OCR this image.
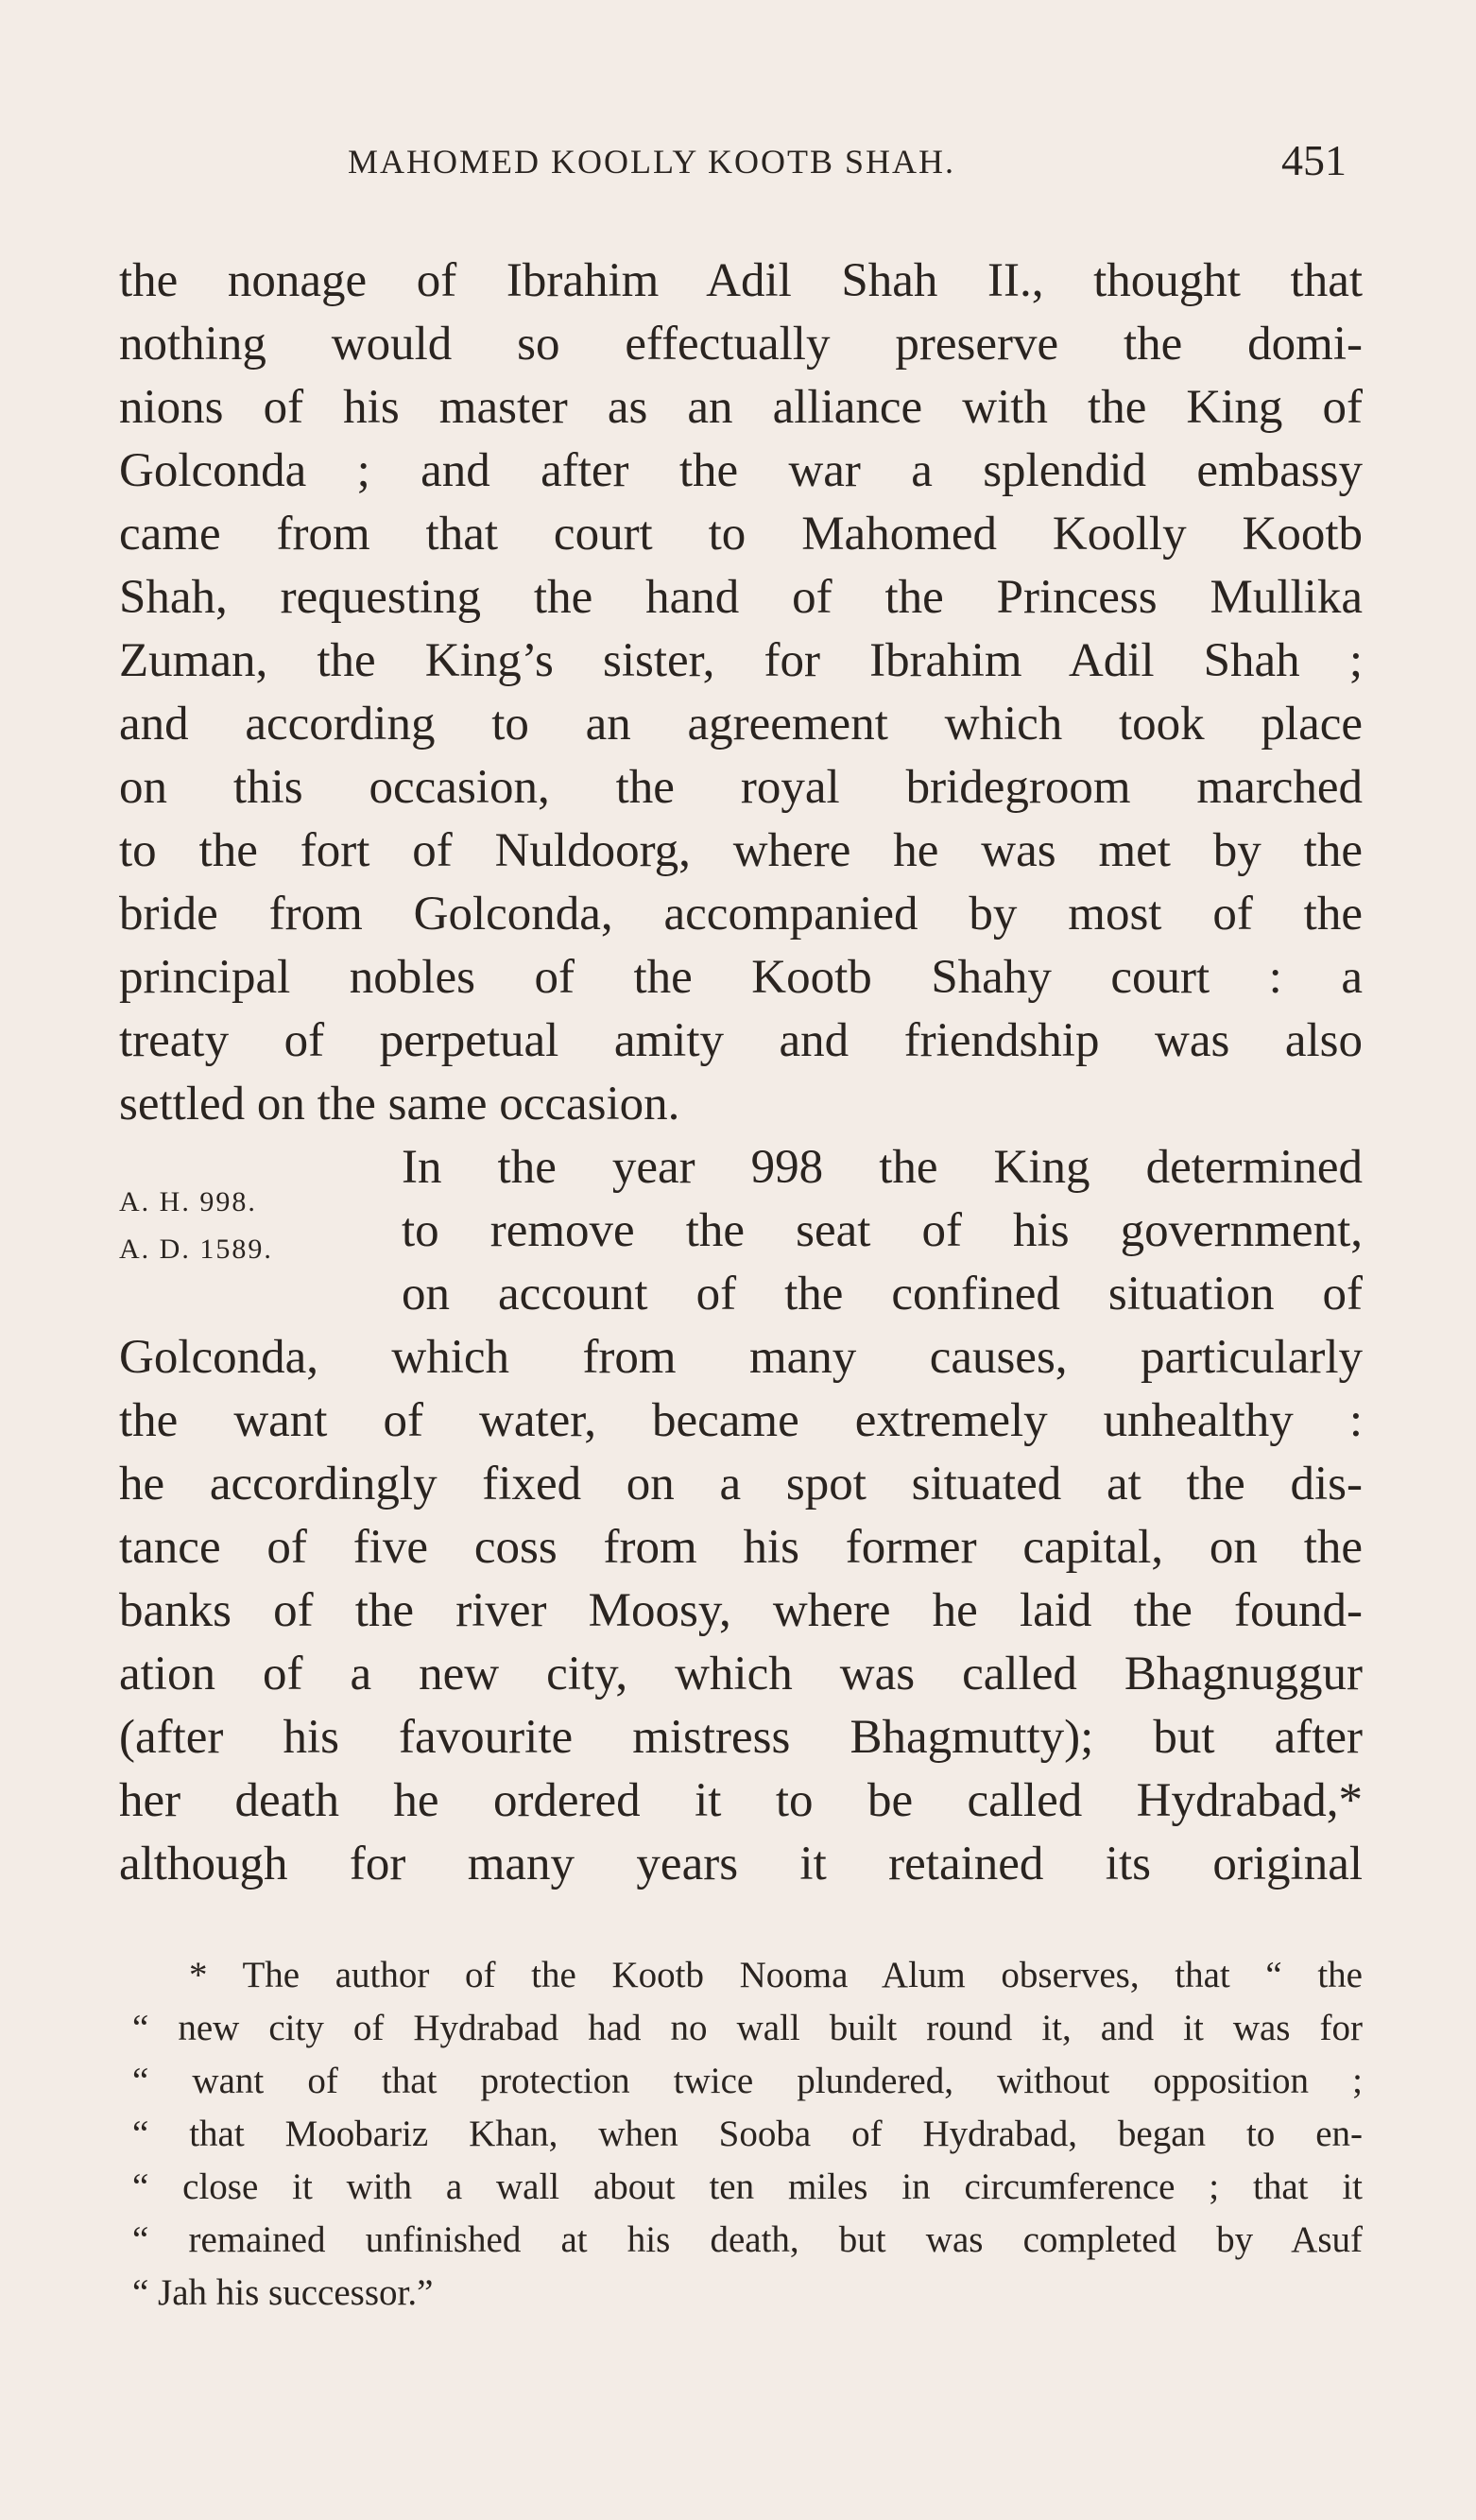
MAHOMED KOOLLY KOOTB SHAH.	451
the nonage of Ibrahim Adil Shah II., thought that
nothing would so effectually preserve the domi-
nions of his master as an alliance with the King of
Golconda ; and after the war a splendid embassy
came from that court to Mahomed Koolly Kootb
Shah, requesting the hand of the Princess Mullika
Zuman, the King’s sister, for Ibrahim Adil Shah ;
and according to an agreement which took place
on this occasion, the royal bridegroom marched
to the fort of Nuldoorg, where he was met by the
bride from Golconda, accompanied by most of the
principal nobles of the Kootb Shahy court : a
treaty of perpetual amity and friendship was also
settled on the same occasion.
A. H. 998.
A. D. 1589.
In the year 998 the King determined
to remove the seat of his government,
on account of the confined situation of
Golconda, which from many causes, particularly
the want of water, became extremely unhealthy :
he accordingly fixed on a spot situated at the dis-
tance of five coss from his former capital, on the
banks of the river Moosy, where he laid the found-
ation of a new city, which was called Bhagnuggur
(after his favourite mistress Bhagmutty); but after
her death he ordered it to be called Hydrabad,*
although for many years it retained its original
* The author of the Kootb Nooma Alum observes, that “ the
“ new city of Hydrabad had no wall built round it, and it was for
“ want of that protection twice plundered, without opposition ;
“ that Moobariz Khan, when Sooba of Hydrabad, began to en-
“ close it with a wall about ten miles in circumference ; that it
“ remained unfinished at his death, but was completed by Asuf
“ Jah his successor.”
